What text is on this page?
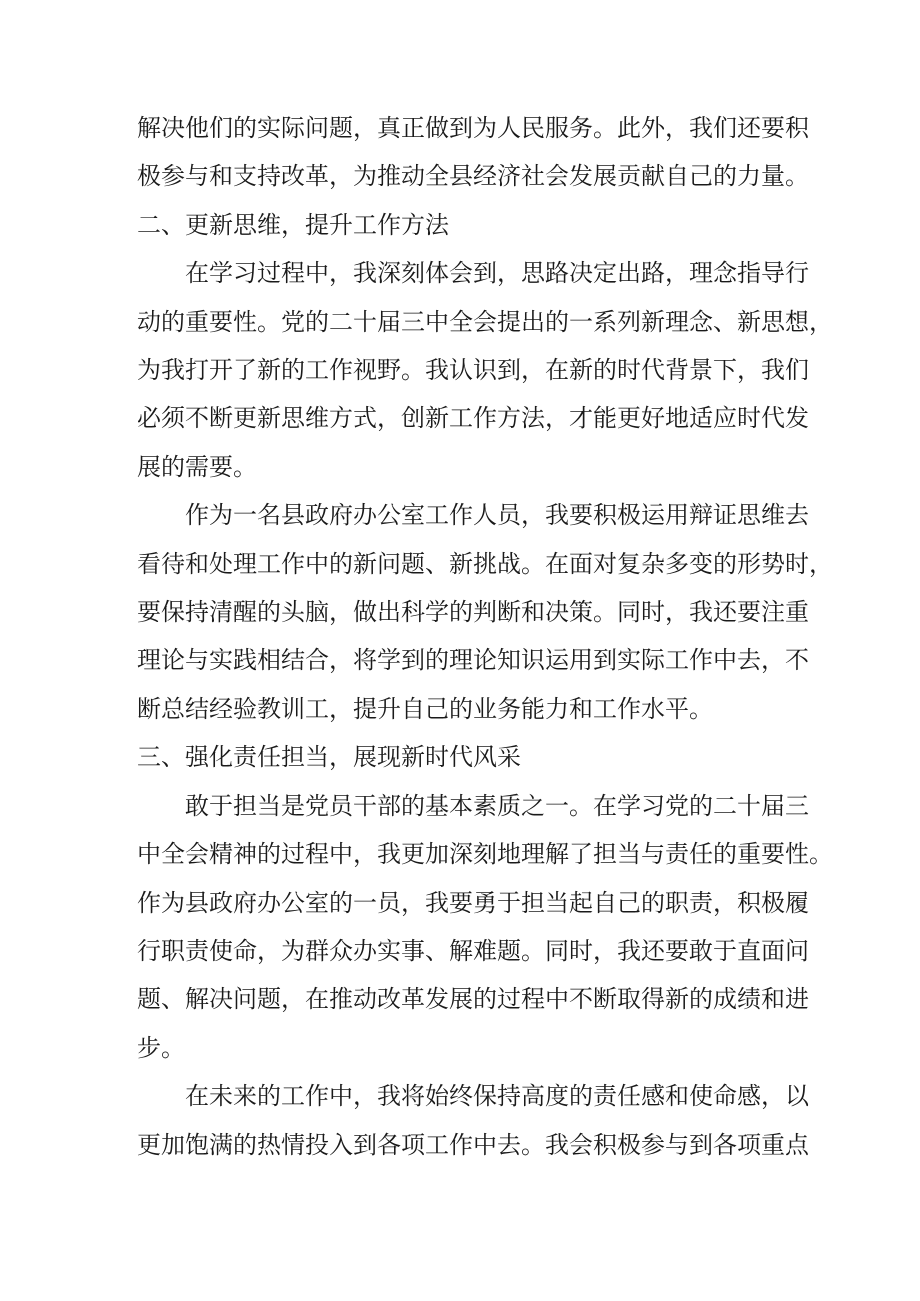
解决他们的实际问题，真正做到为人民服务。此外，我们还要积
极参与和支持改革，为推动全县经济社会发展贡献自己的力量。

二、更新思维，提升工作方法

在学习过程中，我深刻体会到，思路决定出路，理念指导行
动的重要性。党的二十届三中全会提出的一系列新理念、新思想，
为我打开了新的工作视野。我认识到，在新的时代背景下，我们
必须不断更新思维方式，创新工作方法，才能更好地适应时代发
展的需要。

作为一名县政府办公室工作人员，我要积极运用辩证思维去
看待和处理工作中的新问题、新挑战。在面对复杂多变的形势时，
要保持清醒的头脑，做出科学的判断和决策。同时，我还要注重
理论与实践相结合，将学到的理论知识运用到实际工作中去，不
断总结经验教训工，提升自己的业务能力和工作水平。

三、强化责任担当，展现新时代风采

敢于担当是党员干部的基本素质之一。在学习党的二十届三
中全会精神的过程中，我更加深刻地理解了担当与责任的重要性。
作为县政府办公室的一员，我要勇于担当起自己的职责，积极履
行职责使命，为群众办实事、解难题。同时，我还要敢于直面问
题、解决问题，在推动改革发展的过程中不断取得新的成绩和进
步。

在未来的工作中，我将始终保持高度的责任感和使命感，以
更加饱满的热情投入到各项工作中去。我会积极参与到各项重点
